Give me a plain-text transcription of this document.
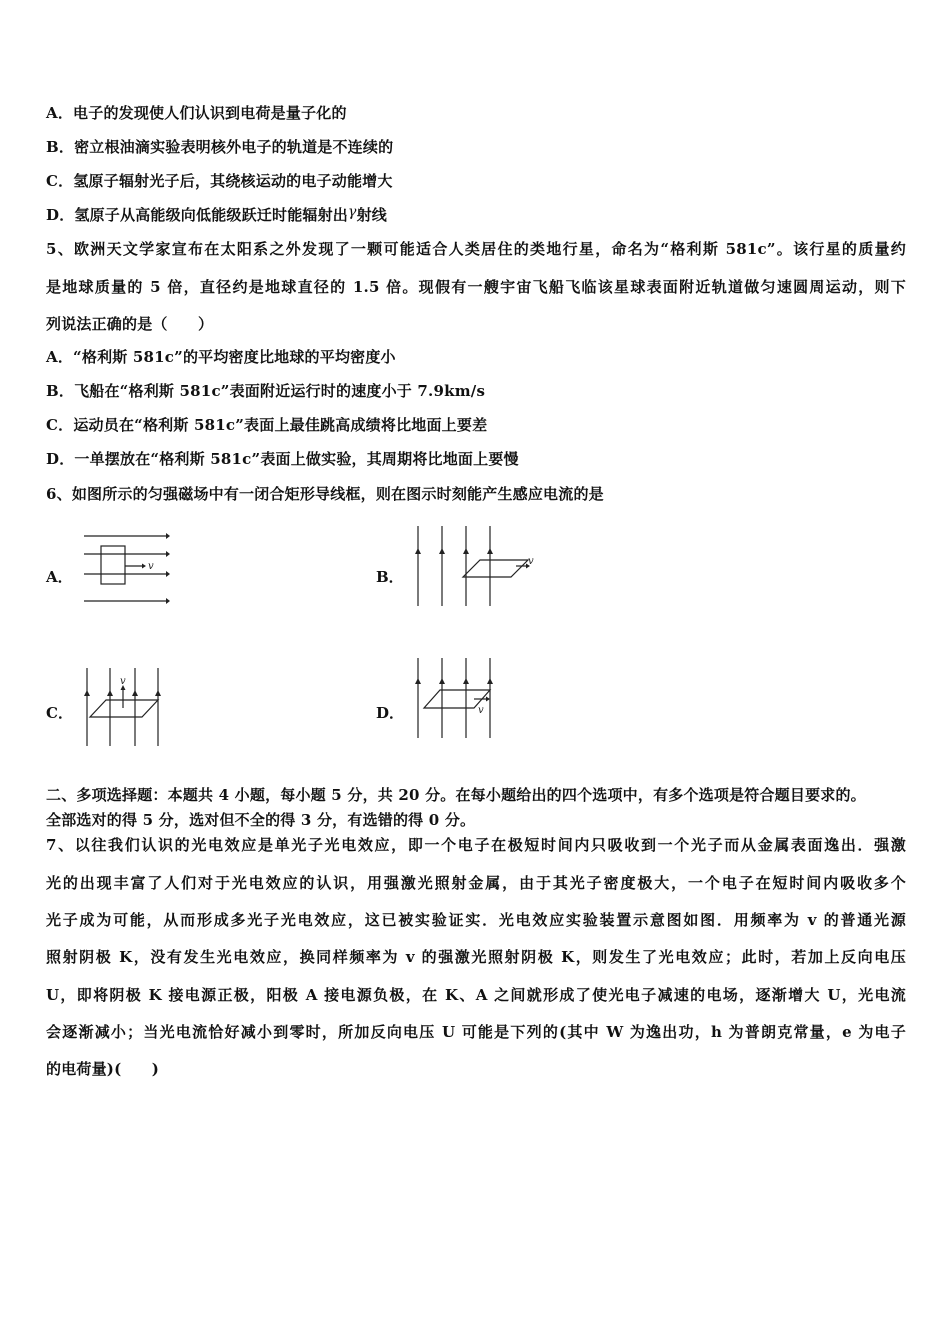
A．电子的发现使人们认识到电荷是量子化的
B．密立根油滴实验表明核外电子的轨道是不连续的
C．氢原子辐射光子后，其绕核运动的电子动能增大
D．氢原子从高能级向低能级跃迁时能辐射出γ射线
5、欧洲天文学家宣布在太阳系之外发现了一颗可能适合人类居住的类地行星，命名为“格利斯 581c”。该行星的质量约
是地球质量的 5 倍，直径约是地球直径的 1.5 倍。现假有一艘宇宙飞船飞临该星球表面附近轨道做匀速圆周运动，则下
列说法正确的是（　　）
A．“格利斯 581c”的平均密度比地球的平均密度小
B．飞船在“格利斯 581c”表面附近运行时的速度小于 7.9km/s
C．运动员在“格利斯 581c”表面上最佳跳高成绩将比地面上要差
D．一单摆放在“格利斯 581c”表面上做实验，其周期将比地面上要慢
6、如图所示的匀强磁场中有一闭合矩形导线框，则在图示时刻能产生感应电流的是
A．
v
B．
v
C．
v
D．	v
二、多项选择题：本题共 4 小题，每小题 5 分，共 20 分。在每小题给出的四个选项中，有多个选项是符合题目要求的。
全部选对的得 5 分，选对但不全的得 3 分，有选错的得 0 分。
7、以往我们认识的光电效应是单光子光电效应，即一个电子在极短时间内只吸收到一个光子而从金属表面逸出．强激
光的出现丰富了人们对于光电效应的认识，用强激光照射金属，由于其光子密度极大，一个电子在短时间内吸收多个
光子成为可能，从而形成多光子光电效应，这已被实验证实．光电效应实验装置示意图如图．用频率为 v 的普通光源
照射阴极 K，没有发生光电效应，换同样频率为 v 的强激光照射阴极 K，则发生了光电效应；此时，若加上反向电压
U，即将阴极 K 接电源正极，阳极 A 接电源负极，在 K、A 之间就形成了使光电子减速的电场，逐渐增大 U，光电流
会逐渐减小；当光电流恰好减小到零时，所加反向电压 U 可能是下列的(其中 W 为逸出功，h 为普朗克常量，e 为电子
的电荷量)(　　)
